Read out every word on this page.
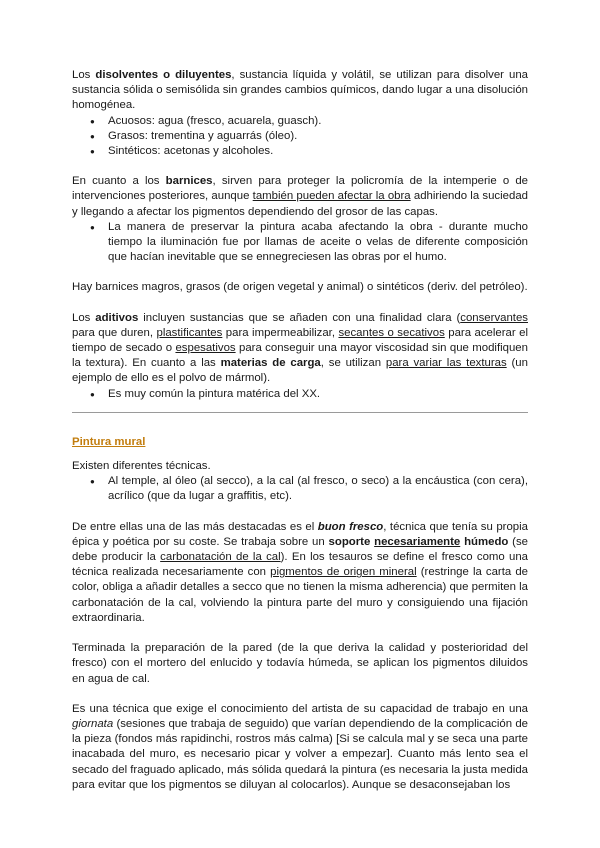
Los disolventes o diluyentes, sustancia líquida y volátil, se utilizan para disolver una sustancia sólida o semisólida sin grandes cambios químicos, dando lugar a una disolución homogénea.

● Acuosos: agua (fresco, acuarela, guasch).
● Grasos: trementina y aguarrás (óleo).
● Sintéticos: acetonas y alcoholes.

En cuanto a los barnices, sirven para proteger la policromía de la intemperie o de intervenciones posteriores, aunque también pueden afectar la obra adhiriendo la suciedad y llegando a afectar los pigmentos dependiendo del grosor de las capas.

● La manera de preservar la pintura acaba afectando la obra - durante mucho tiempo la iluminación fue por llamas de aceite o velas de diferente composición que hacían inevitable que se ennegreciesen las obras por el humo.

Hay barnices magros, grasos (de origen vegetal y animal) o sintéticos (deriv. del petróleo).

Los aditivos incluyen sustancias que se añaden con una finalidad clara (conservantes para que duren, plastificantes para impermeabilizar, secantes o secativos para acelerar el tiempo de secado o espesativos para conseguir una mayor viscosidad sin que modifiquen la textura). En cuanto a las materias de carga, se utilizan para variar las texturas (un ejemplo de ello es el polvo de mármol).

● Es muy común la pintura matérica del XX.

Pintura mural

Existen diferentes técnicas.

● Al temple, al óleo (al secco), a la cal (al fresco, o seco) a la encáustica (con cera), acrílico (que da lugar a graffitis, etc).

De entre ellas una de las más destacadas es el buon fresco, técnica que tenía su propia épica y poética por su coste. Se trabaja sobre un soporte necesariamente húmedo (se debe producir la carbonatación de la cal). En los tesauros se define el fresco como una técnica realizada necesariamente con pigmentos de origen mineral (restringe la carta de color, obliga a añadir detalles a secco que no tienen la misma adherencia) que permiten la carbonatación de la cal, volviendo la pintura parte del muro y consiguiendo una fijación extraordinaria.

Terminada la preparación de la pared (de la que deriva la calidad y posterioridad del fresco) con el mortero del enlucido y todavía húmeda, se aplican los pigmentos diluidos en agua de cal.

Es una técnica que exige el conocimiento del artista de su capacidad de trabajo en una giornata (sesiones que trabaja de seguido) que varían dependiendo de la complicación de la pieza (fondos más rapidinchi, rostros más calma) [Si se calcula mal y se seca una parte inacabada del muro, es necesario picar y volver a empezar]. Cuanto más lento sea el secado del fraguado aplicado, más sólida quedará la pintura (es necesaria la justa medida para evitar que los pigmentos se diluyan al colocarlos). Aunque se desaconsejaban los
